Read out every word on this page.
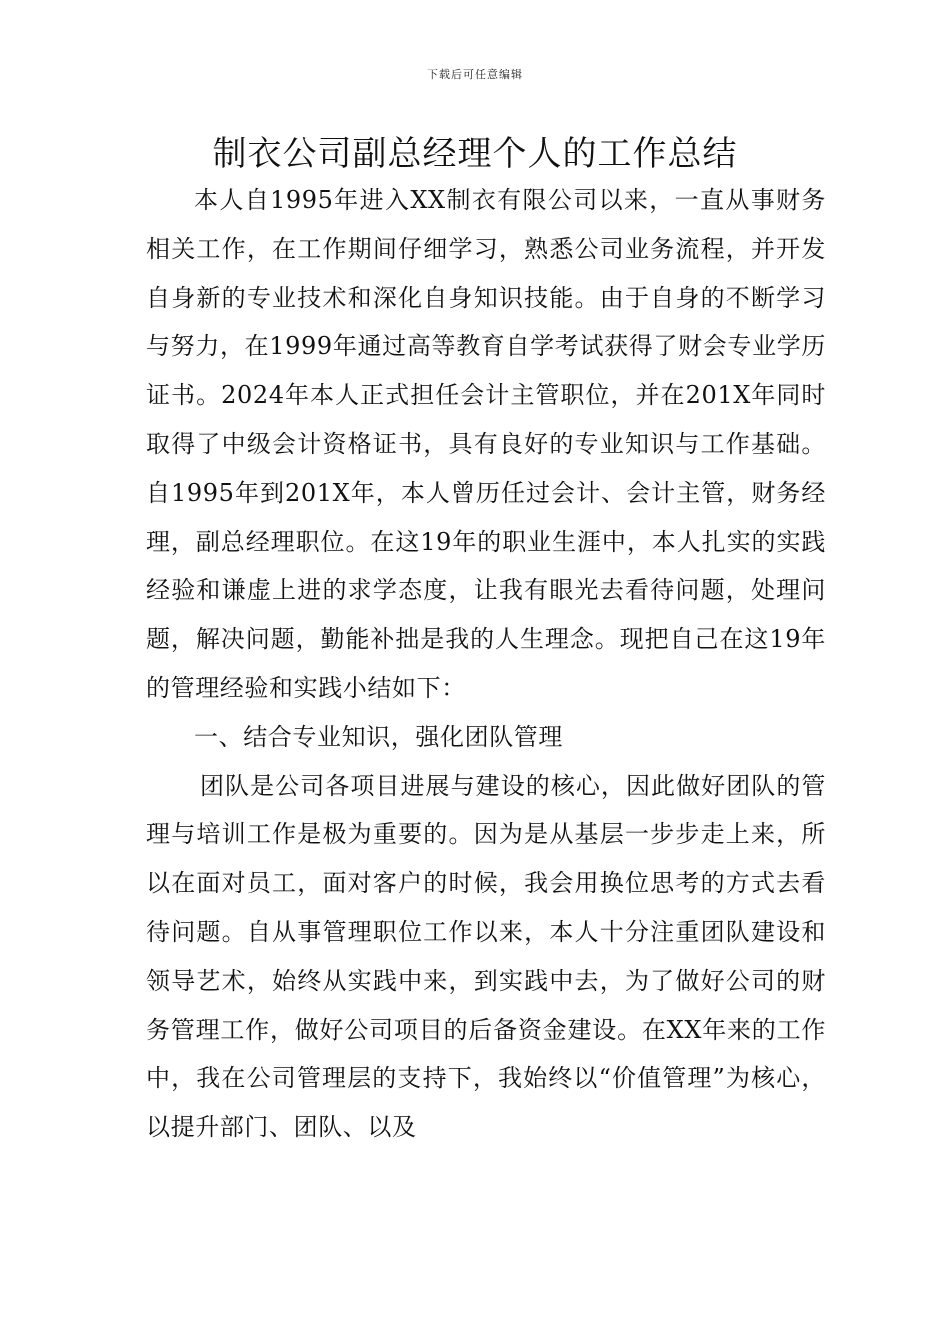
下载后可任意编辑
制衣公司副总经理个人的工作总结

本人自1995年进入XX制衣有限公司以来，一直从事财务相关工作，在工作期间仔细学习，熟悉公司业务流程，并开发自身新的专业技术和深化自身知识技能。由于自身的不断学习与努力，在1999年通过高等教育自学考试获得了财会专业学历证书。2024年本人正式担任会计主管职位，并在201X年同时取得了中级会计资格证书，具有良好的专业知识与工作基础。自1995年到201X年，本人曾历任过会计、会计主管，财务经理，副总经理职位。在这19年的职业生涯中，本人扎实的实践经验和谦虚上进的求学态度，让我有眼光去看待问题，处理问题，解决问题，勤能补拙是我的人生理念。现把自己在这19年的管理经验和实践小结如下：

一、结合专业知识，强化团队管理

团队是公司各项目进展与建设的核心，因此做好团队的管理与培训工作是极为重要的。因为是从基层一步步走上来，所以在面对员工，面对客户的时候，我会用换位思考的方式去看待问题。自从事管理职位工作以来，本人十分注重团队建设和领导艺术，始终从实践中来，到实践中去，为了做好公司的财务管理工作，做好公司项目的后备资金建设。在XX年来的工作中，我在公司管理层的支持下，我始终以“价值管理”为核心，以提升部门、团队、以及
